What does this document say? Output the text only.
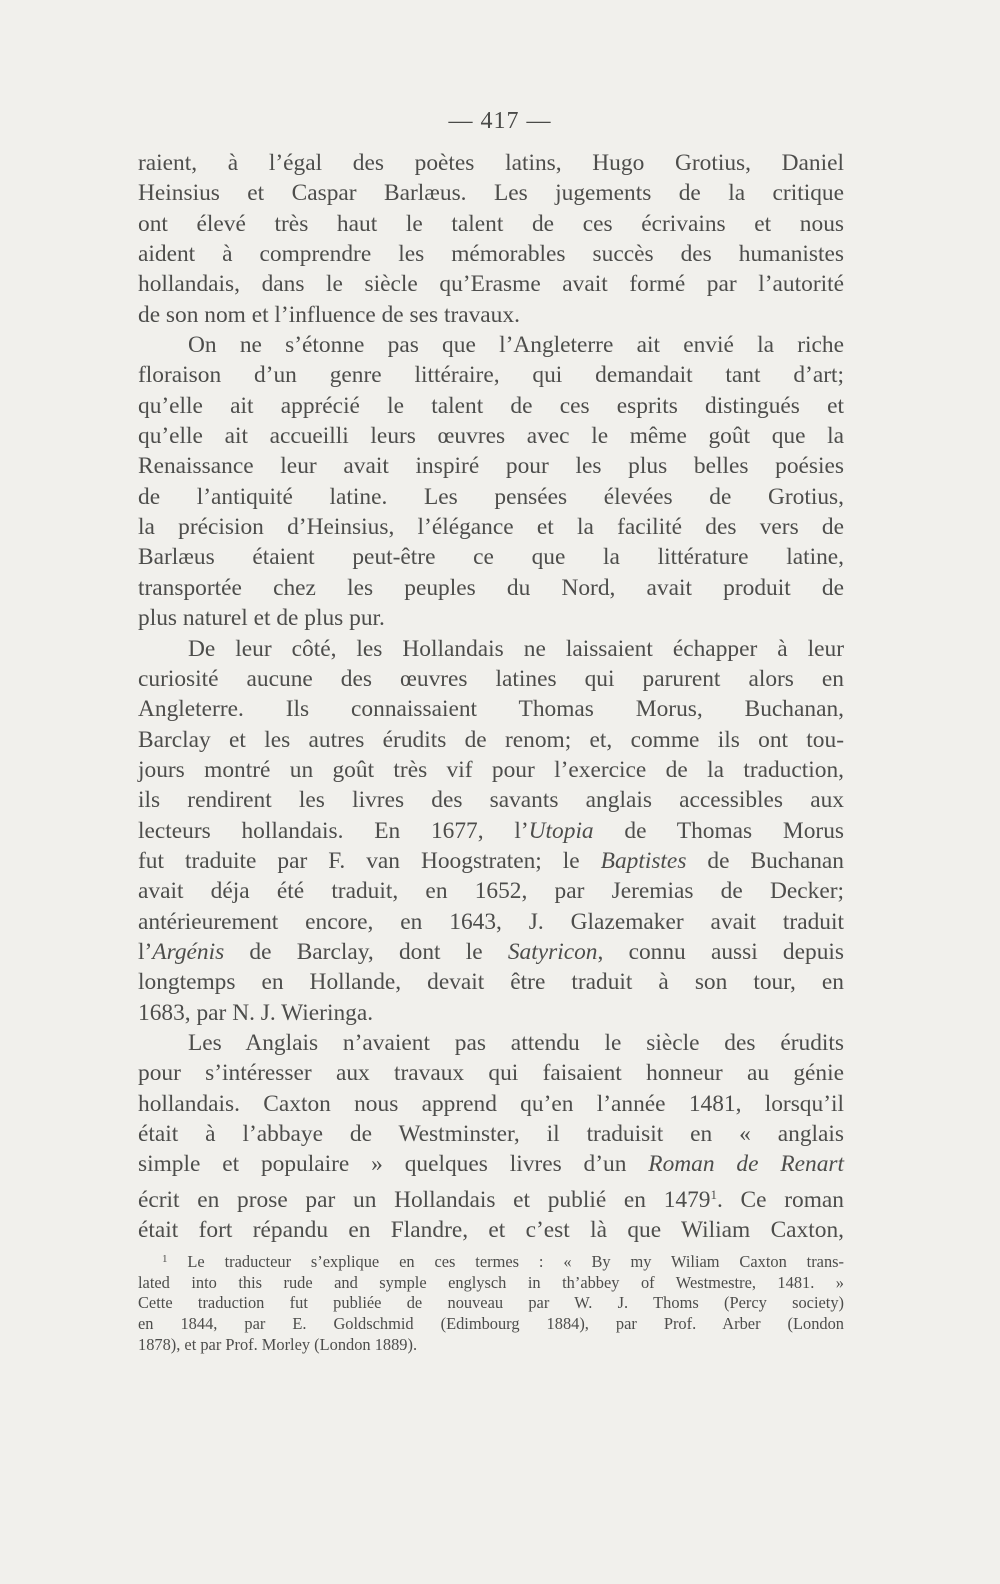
— 417 —

raient, à l’égal des poètes latins, Hugo Grotius, Daniel
Heinsius et Caspar Barlæus. Les jugements de la critique
ont élevé très haut le talent de ces écrivains et nous
aident à comprendre les mémorables succès des humanistes
hollandais, dans le siècle qu’Erasme avait formé par l’autorité
de son nom et l’influence de ses travaux.

On ne s’étonne pas que l’Angleterre ait envié la riche
floraison d’un genre littéraire, qui demandait tant d’art;
qu’elle ait apprécié le talent de ces esprits distingués et
qu’elle ait accueilli leurs œuvres avec le même goût que la
Renaissance leur avait inspiré pour les plus belles poésies
de l’antiquité latine. Les pensées élevées de Grotius,
la précision d’Heinsius, l’élégance et la facilité des vers de
Barlæus étaient peut-être ce que la littérature latine,
transportée chez les peuples du Nord, avait produit de
plus naturel et de plus pur.

De leur côté, les Hollandais ne laissaient échapper à leur
curiosité aucune des œuvres latines qui parurent alors en
Angleterre. Ils connaissaient Thomas Morus, Buchanan,
Barclay et les autres érudits de renom; et, comme ils ont tou-
jours montré un goût très vif pour l’exercice de la traduction,
ils rendirent les livres des savants anglais accessibles aux
lecteurs hollandais. En 1677, l’Utopia de Thomas Morus
fut traduite par F. van Hoogstraten; le Baptistes de Buchanan
avait déja été traduit, en 1652, par Jeremias de Decker;
antérieurement encore, en 1643, J. Glazemaker avait traduit
l’Argénis de Barclay, dont le Satyricon, connu aussi depuis
longtemps en Hollande, devait être traduit à son tour, en
1683, par N. J. Wieringa.

Les Anglais n’avaient pas attendu le siècle des érudits
pour s’intéresser aux travaux qui faisaient honneur au génie
hollandais. Caxton nous apprend qu’en l’année 1481, lorsqu’il
était à l’abbaye de Westminster, il traduisit en « anglais
simple et populaire » quelques livres d’un Roman de Renart
écrit en prose par un Hollandais et publié en 1479$^1$. Ce roman
était fort répandu en Flandre, et c’est là que Wiliam Caxton,

$^1$ Le traducteur s’explique en ces termes : « By my Wiliam Caxton trans-
lated into this rude and symple englysch in th’abbey of Westmestre, 1481. »
Cette traduction fut publiée de nouveau par W. J. Thoms (Percy society)
en 1844, par E. Goldschmid (Edimbourg 1884), par Prof. Arber (London
1878), et par Prof. Morley (London 1889).
